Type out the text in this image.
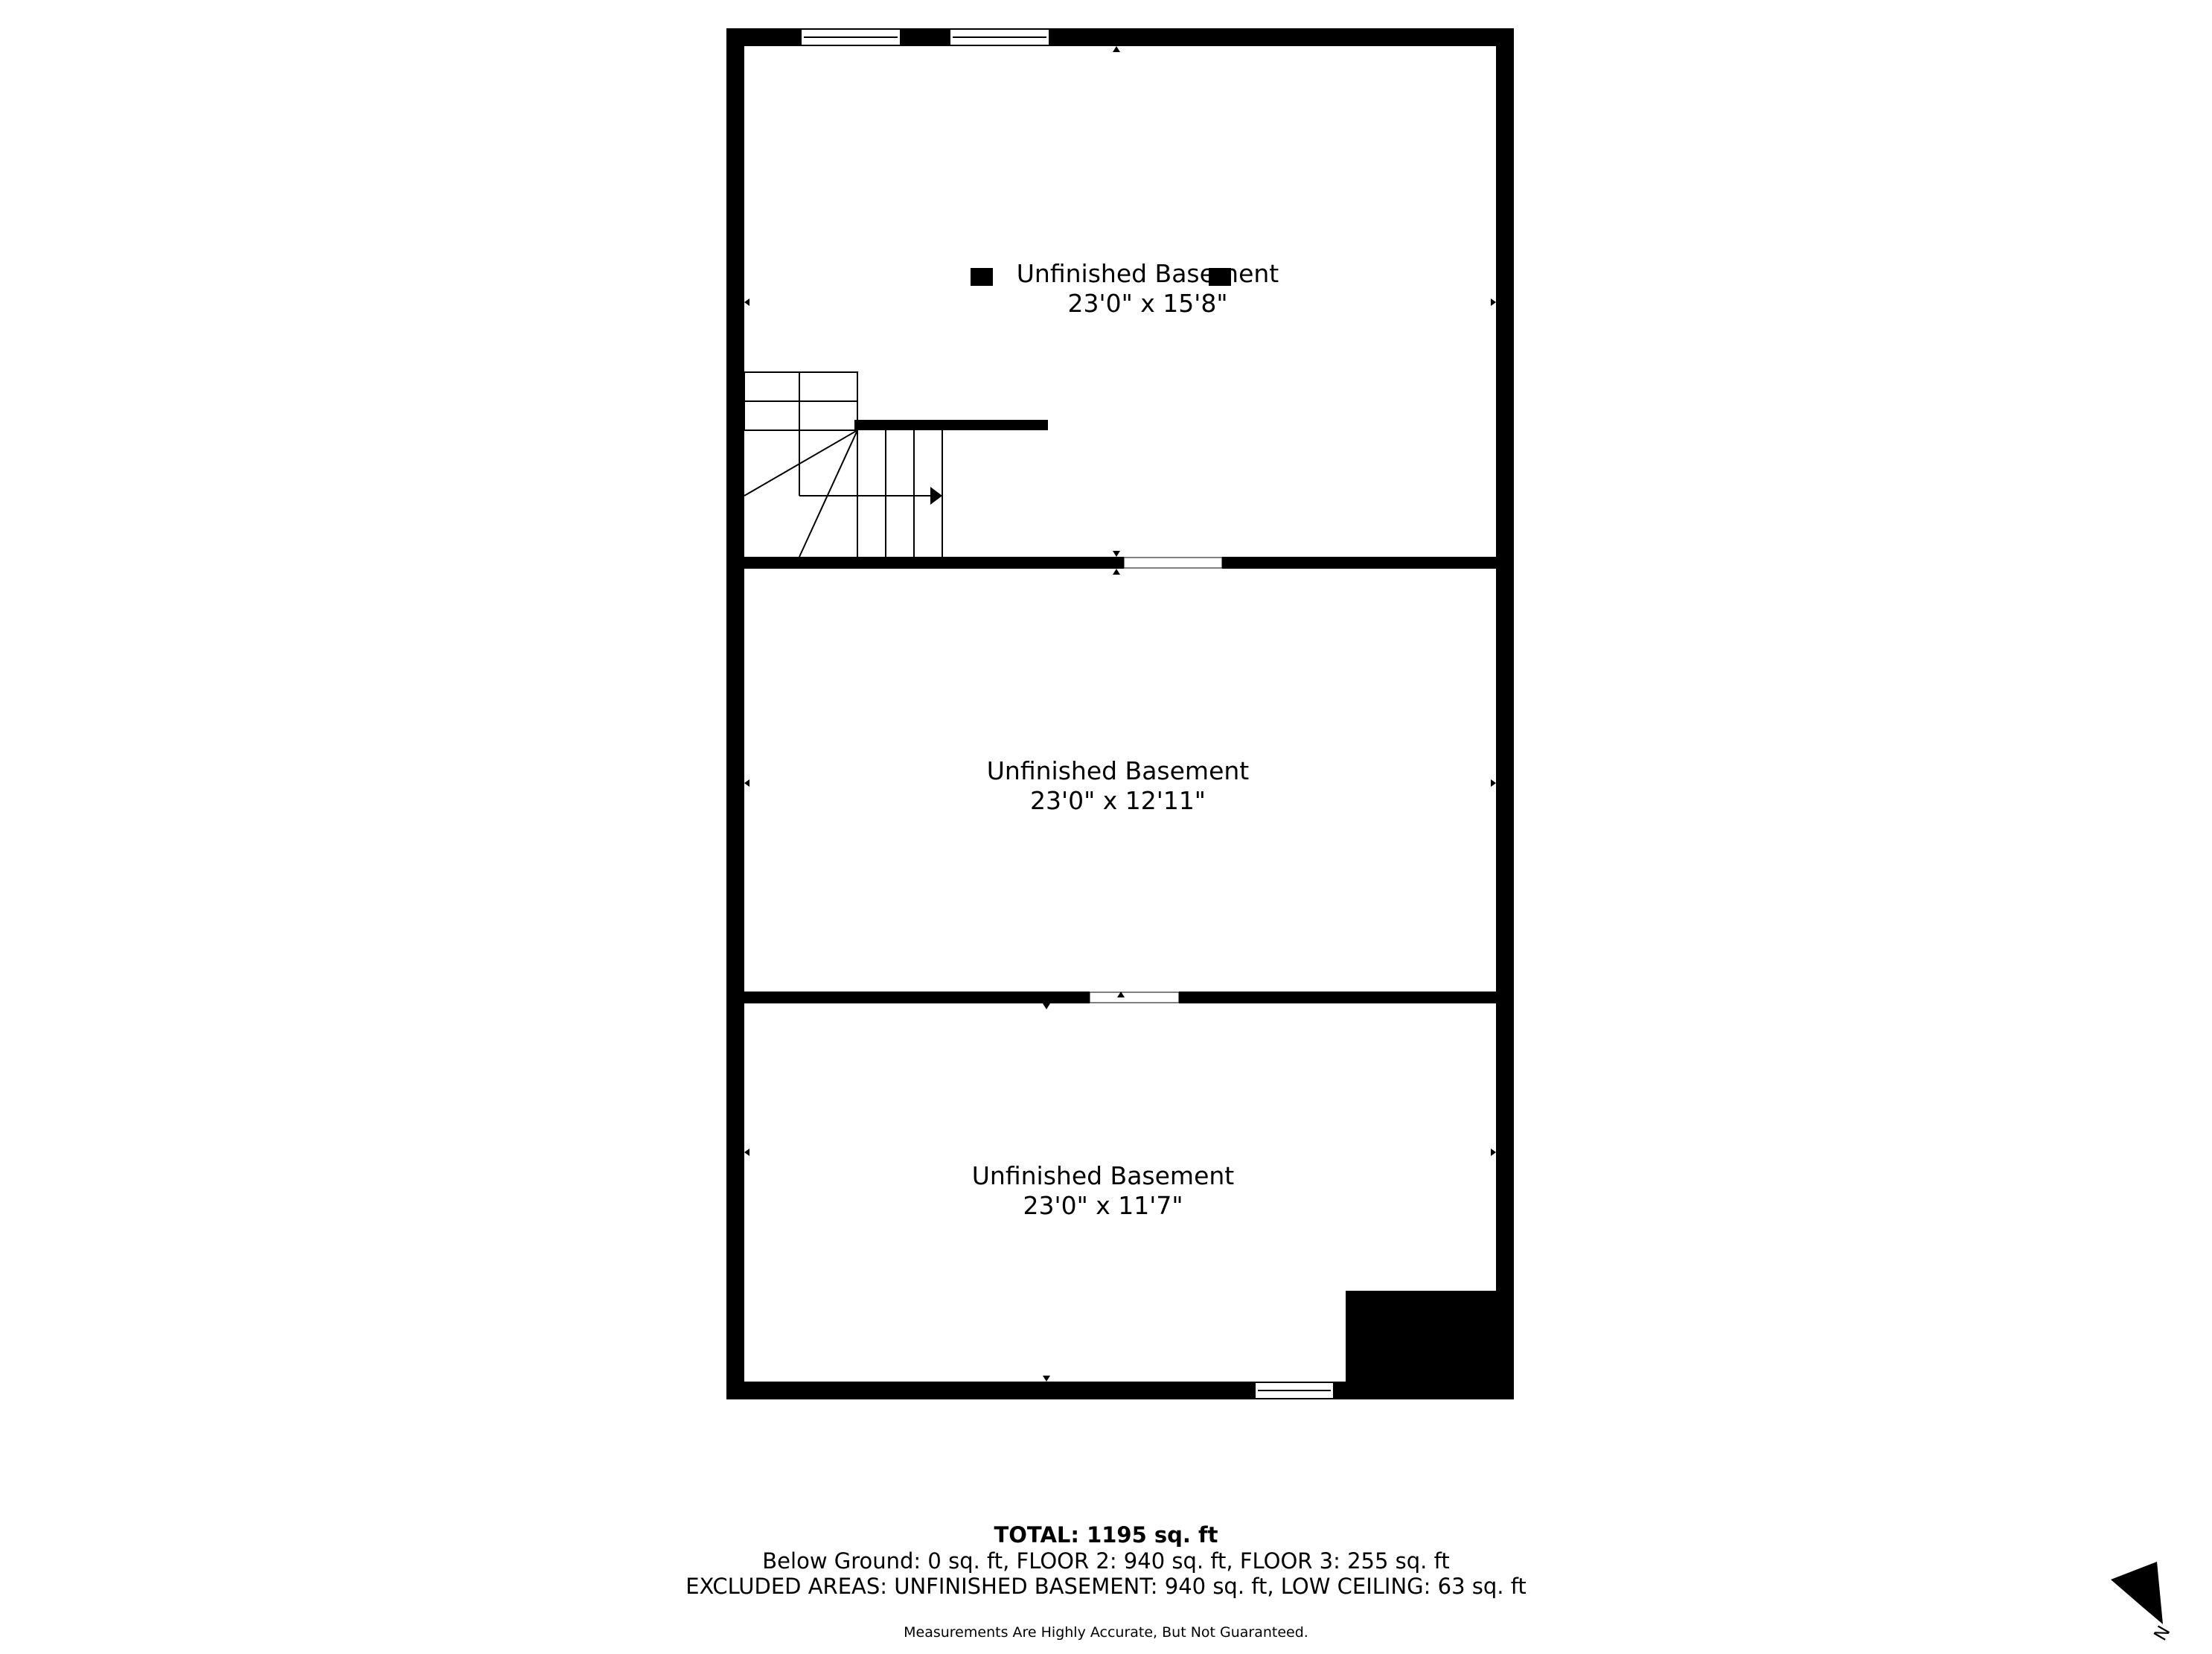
Unfinished Basement
23'0" x 15'8"
Unfinished Basement
23'0" x 12'11"
Unfinished Basement
23'0" x 11'7"
TOTAL: 1195 sq. ft
Below Ground: 0 sq. ft, FLOOR 2: 940 sq. ft, FLOOR 3: 255 sq. ft
EXCLUDED AREAS: UNFINISHED BASEMENT: 940 sq. ft, LOW CEILING: 63 sq. ft
Measurements Are Highly Accurate, But Not Guaranteed.	N
